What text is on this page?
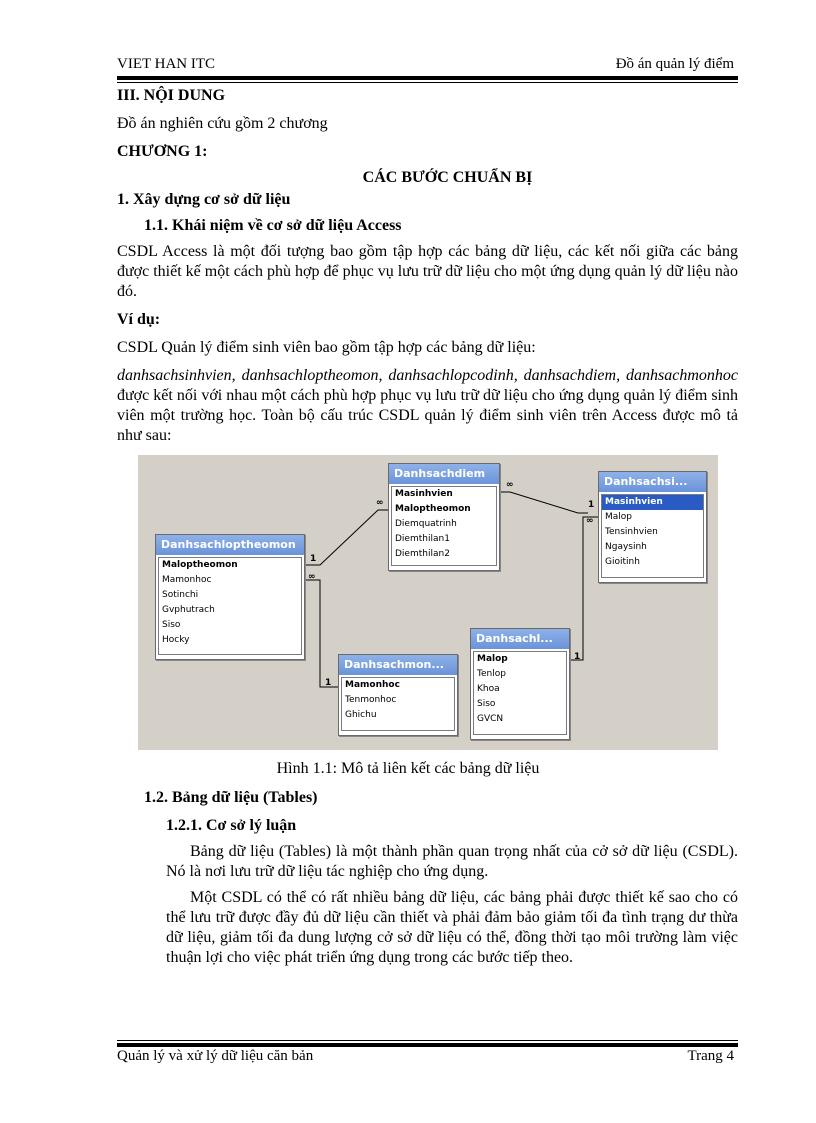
VIET HAN ITC	Đồ án quản lý điểm

III. NỘI DUNG

Đồ án nghiên cứu gồm 2 chương

CHƯƠNG 1:

CÁC BƯỚC CHUẨN BỊ

1. Xây dựng cơ sở dữ liệu

1.1. Khái niệm về cơ sở dữ liệu Access

CSDL Access là một đối tượng bao gồm tập hợp các bảng dữ liệu, các kết nối giữa các bảng được thiết kế một cách phù hợp để phục vụ lưu trữ dữ liệu cho một ứng dụng quản lý dữ liệu nào đó.

Ví dụ:

CSDL Quản lý điểm sinh viên bao gồm tập hợp các bảng dữ liệu:

danhsachsinhvien, danhsachloptheomon, danhsachlopcodinh, danhsachdiem, danhsachmonhoc được kết nối với nhau một cách phù hợp phục vụ lưu trữ dữ liệu cho ứng dụng quản lý điểm sinh viên một trường học. Toàn bộ cấu trúc CSDL quản lý điểm sinh viên trên Access được mô tả như sau:

1
∞
∞
1
∞
1
1
∞
Danhsachdiem
Masinhvien
Maloptheomon
Diemquatrinh
Diemthilan1
Diemthilan2
Danhsachsi...
Masinhvien
Malop
Tensinhvien
Ngaysinh
Gioitinh
Danhsachloptheomon
Maloptheomon
Mamonhoc
Sotinchi
Gvphutrach
Siso
Hocky
Danhsachmon...
Mamonhoc
Tenmonhoc
Ghichu
Danhsachl...
Malop
Tenlop
Khoa
Siso
GVCN
Hình 1.1: Mô tả liên kết các bảng dữ liệu

1.2. Bảng dữ liệu (Tables)

1.2.1. Cơ sở lý luận

Bảng dữ liệu (Tables) là một thành phần quan trọng nhất của cở sở dữ liệu (CSDL). Nó là nơi lưu trữ dữ liệu tác nghiệp cho ứng dụng.

Một CSDL có thể có rất nhiều bảng dữ liệu, các bảng phải được thiết kế sao cho có thể lưu trữ được đầy đủ dữ liệu cần thiết và phải đảm bảo giảm tối đa tình trạng dư thừa dữ liệu, giảm tối đa dung lượng cở sở dữ liệu có thể, đồng thời tạo môi trường làm việc thuận lợi cho việc phát triển ứng dụng trong các bước tiếp theo.

Quản lý và xử lý dữ liệu căn bản	Trang 4
